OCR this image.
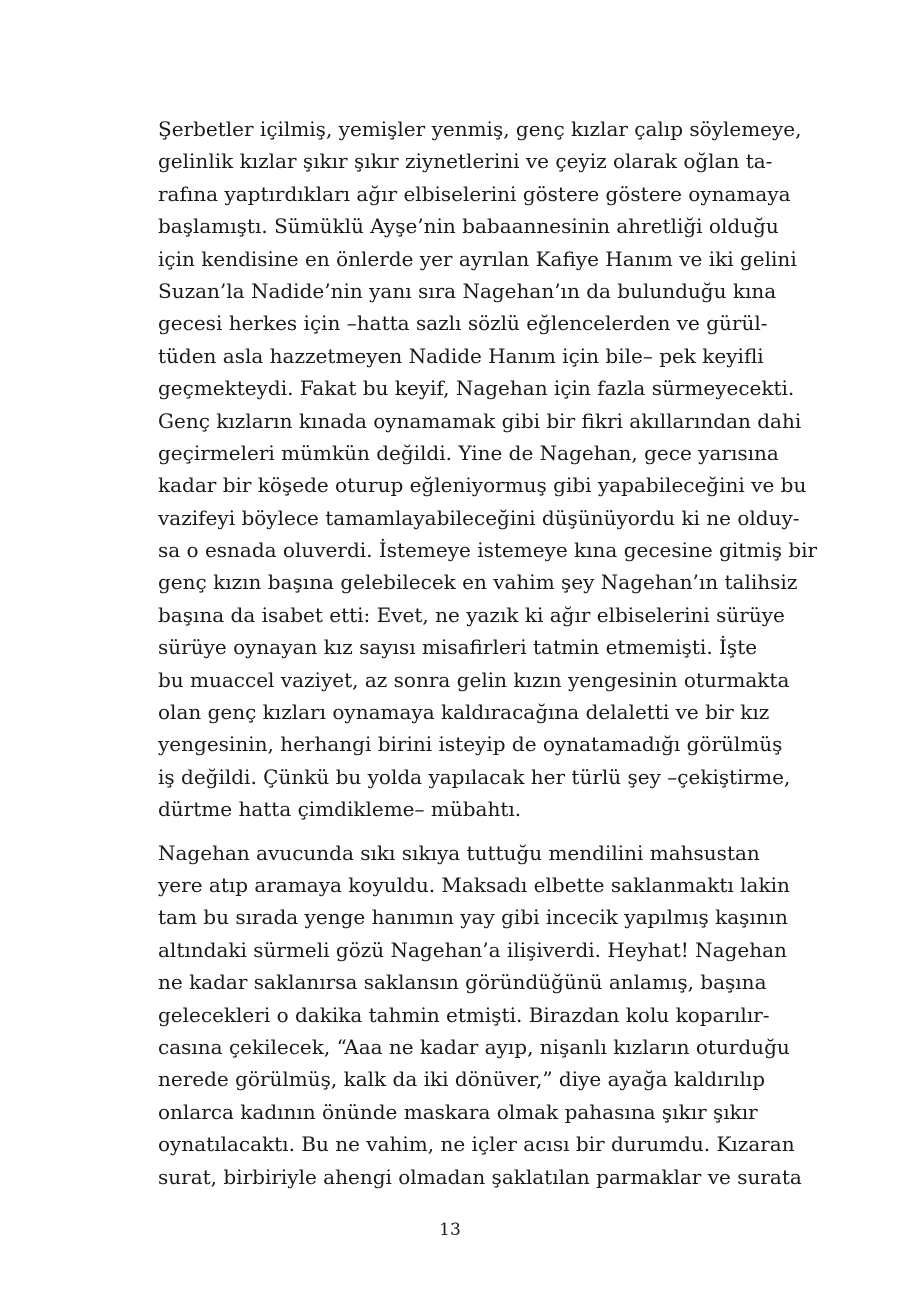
Şerbetler içilmiş, yemişler yenmiş, genç kızlar çalıp söylemeye,
gelinlik kızlar şıkır şıkır ziynetlerini ve çeyiz olarak oğlan ta-
rafına yaptırdıkları ağır elbiselerini göstere göstere oynamaya
başlamıştı. Sümüklü Ayşe’nin babaannesinin ahretliği olduğu
için kendisine en önlerde yer ayrılan Kafiye Hanım ve iki gelini
Suzan’la Nadide’nin yanı sıra Nagehan’ın da bulunduğu kına
gecesi herkes için –hatta sazlı sözlü eğlencelerden ve gürül-
tüden asla hazzetmeyen Nadide Hanım için bile– pek keyifli
geçmekteydi. Fakat bu keyif, Nagehan için fazla sürmeyecekti.
Genç kızların kınada oynamamak gibi bir fikri akıllarından dahi
geçirmeleri mümkün değildi. Yine de Nagehan, gece yarısına
kadar bir köşede oturup eğleniyormuş gibi yapabileceğini ve bu
vazifeyi böylece tamamlayabileceğini düşünüyordu ki ne olduy-
sa o esnada oluverdi. İstemeye istemeye kına gecesine gitmiş bir
genç kızın başına gelebilecek en vahim şey Nagehan’ın talihsiz
başına da isabet etti: Evet, ne yazık ki ağır elbiselerini sürüye
sürüye oynayan kız sayısı misafirleri tatmin etmemişti. İşte
bu muaccel vaziyet, az sonra gelin kızın yengesinin oturmakta
olan genç kızları oynamaya kaldıracağına delaletti ve bir kız
yengesinin, herhangi birini isteyip de oynatamadığı görülmüş
iş değildi. Çünkü bu yolda yapılacak her türlü şey –çekiştirme,
dürtme hatta çimdikleme– mübahtı.
Nagehan avucunda sıkı sıkıya tuttuğu mendilini mahsustan
yere atıp aramaya koyuldu. Maksadı elbette saklanmaktı lakin
tam bu sırada yenge hanımın yay gibi incecik yapılmış kaşının
altındaki sürmeli gözü Nagehan’a ilişiverdi. Heyhat! Nagehan
ne kadar saklanırsa saklansın göründüğünü anlamış, başına
gelecekleri o dakika tahmin etmişti. Birazdan kolu koparılır-
casına çekilecek, “Aaa ne kadar ayıp, nişanlı kızların oturduğu
nerede görülmüş, kalk da iki dönüver,” diye ayağa kaldırılıp
onlarca kadının önünde maskara olmak pahasına şıkır şıkır
oynatılacaktı. Bu ne vahim, ne içler acısı bir durumdu. Kızaran
surat, birbiriyle ahengi olmadan şaklatılan parmaklar ve surata
13
